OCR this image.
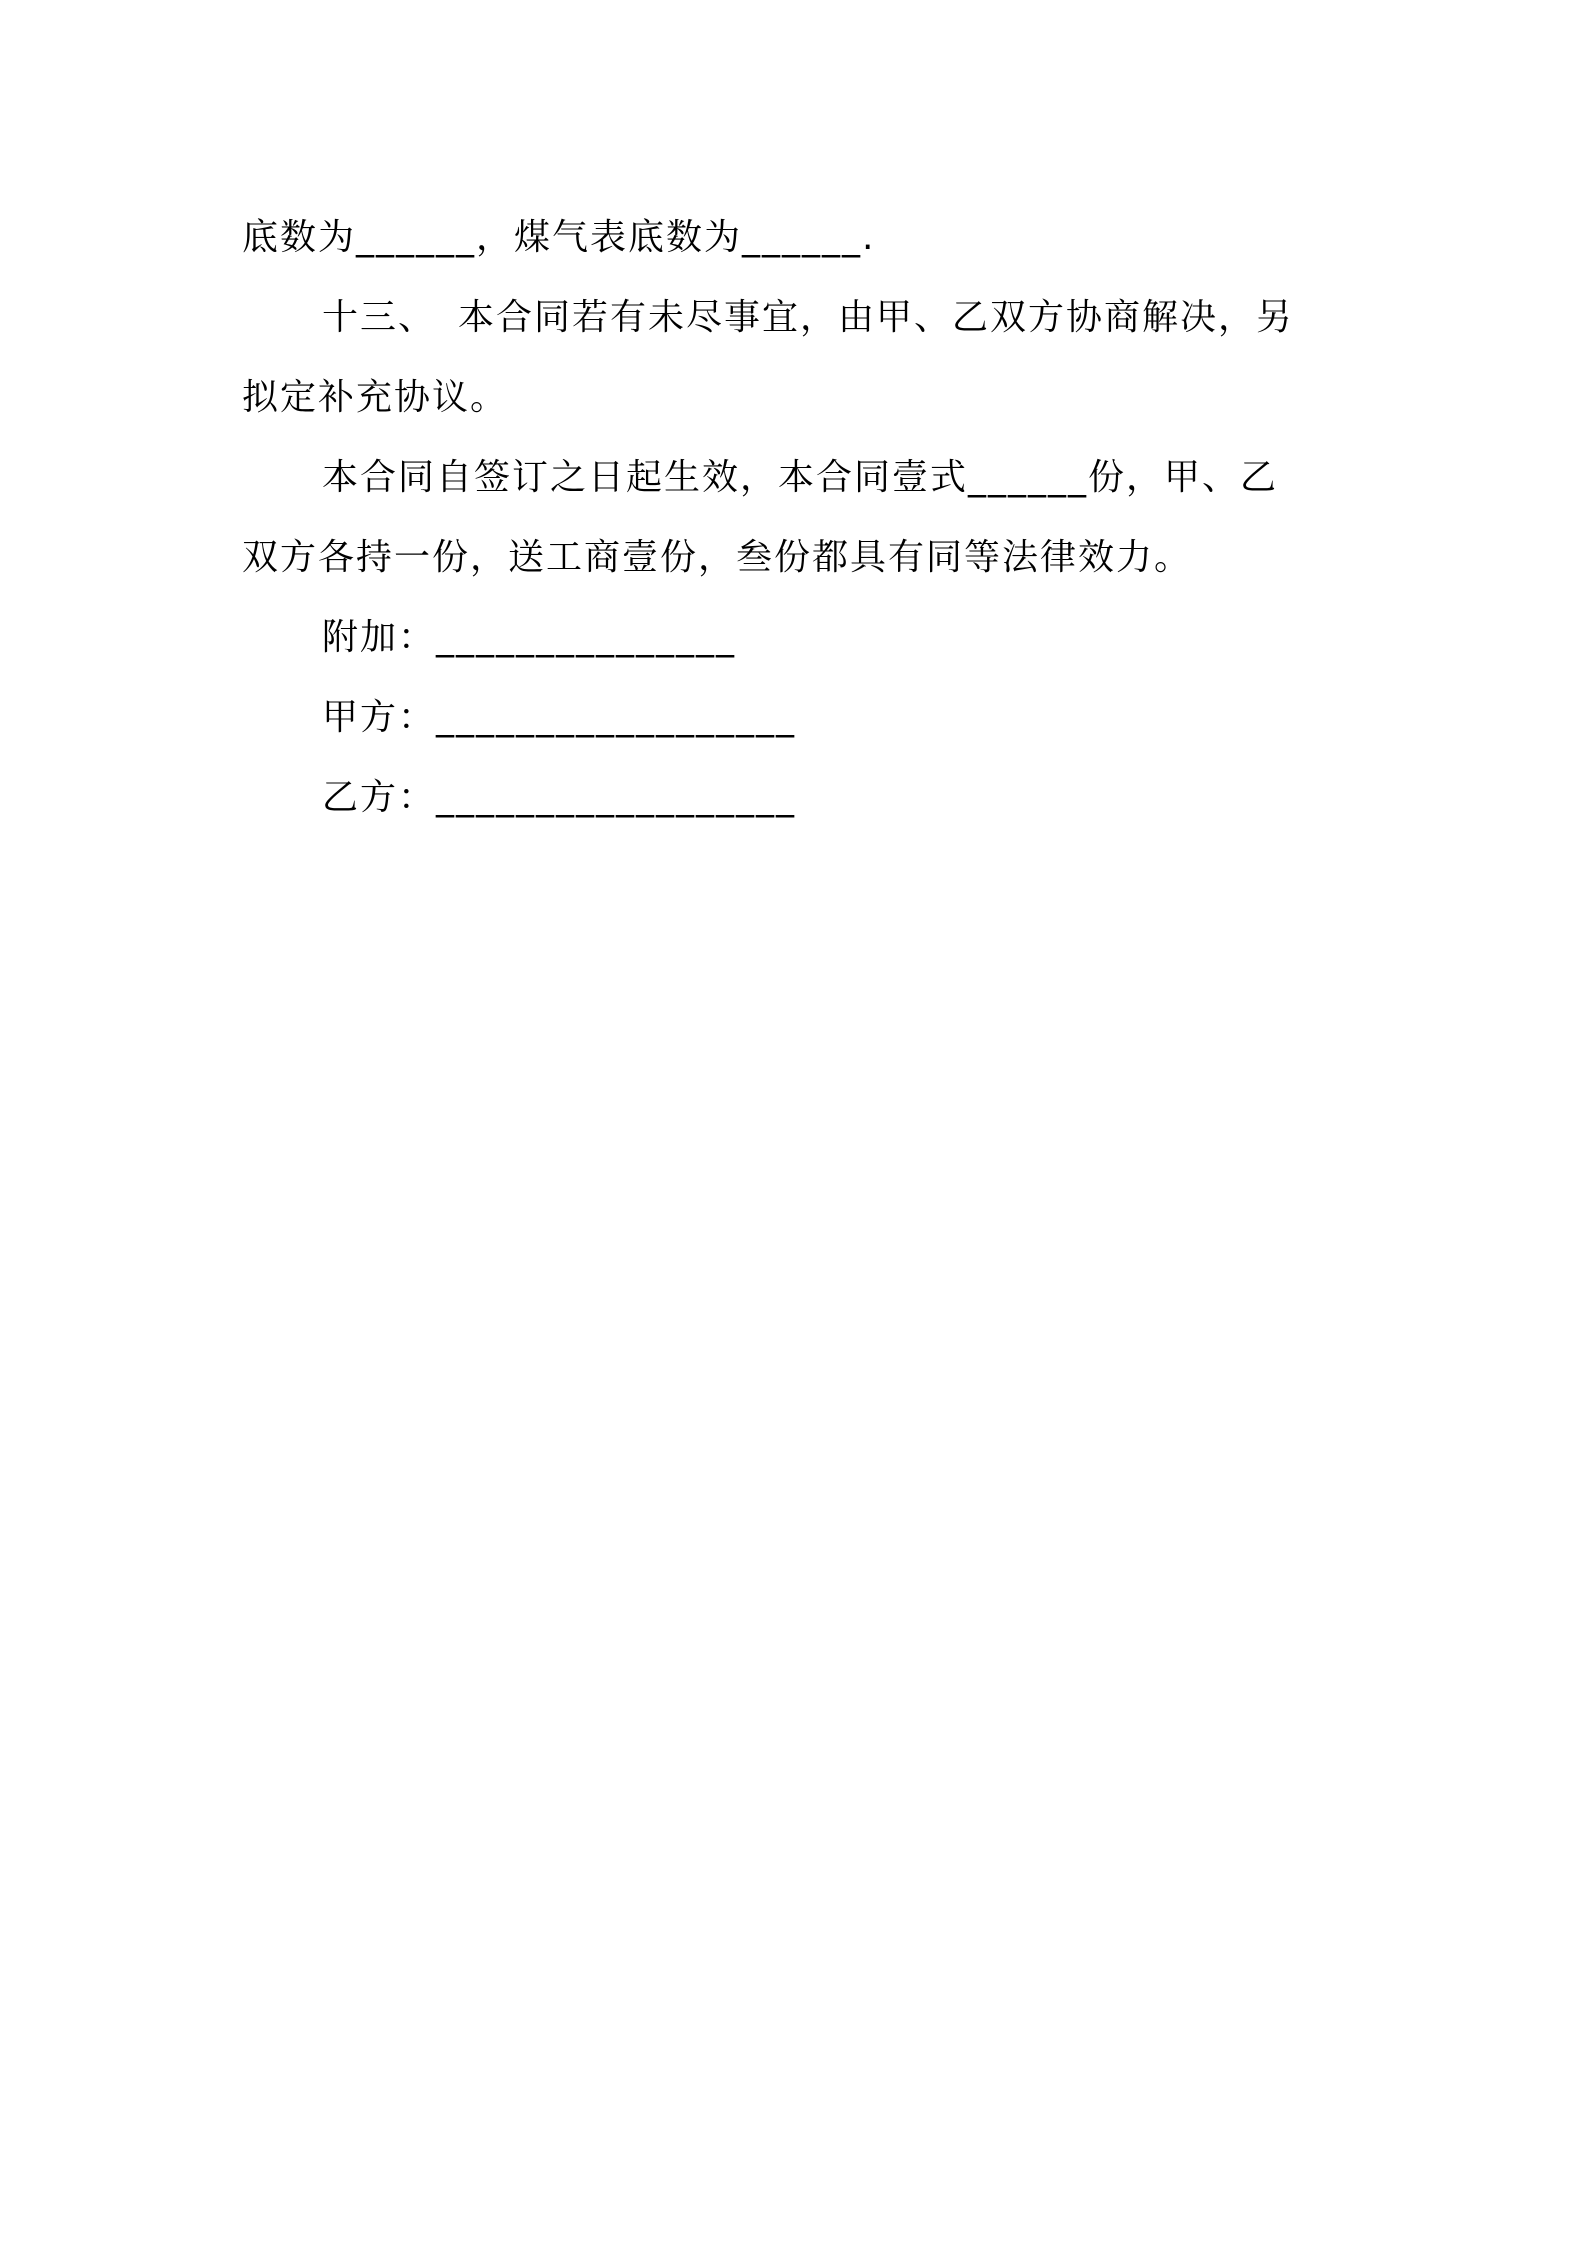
底数为______，煤气表底数为______.
十三、 本合同若有未尽事宜，由甲、乙双方协商解决，另
拟定补充协议。
本合同自签订之日起生效，本合同壹式______份，甲、乙
双方各持一份，送工商壹份，叁份都具有同等法律效力。
附加：_______________
甲方：__________________
乙方：__________________
